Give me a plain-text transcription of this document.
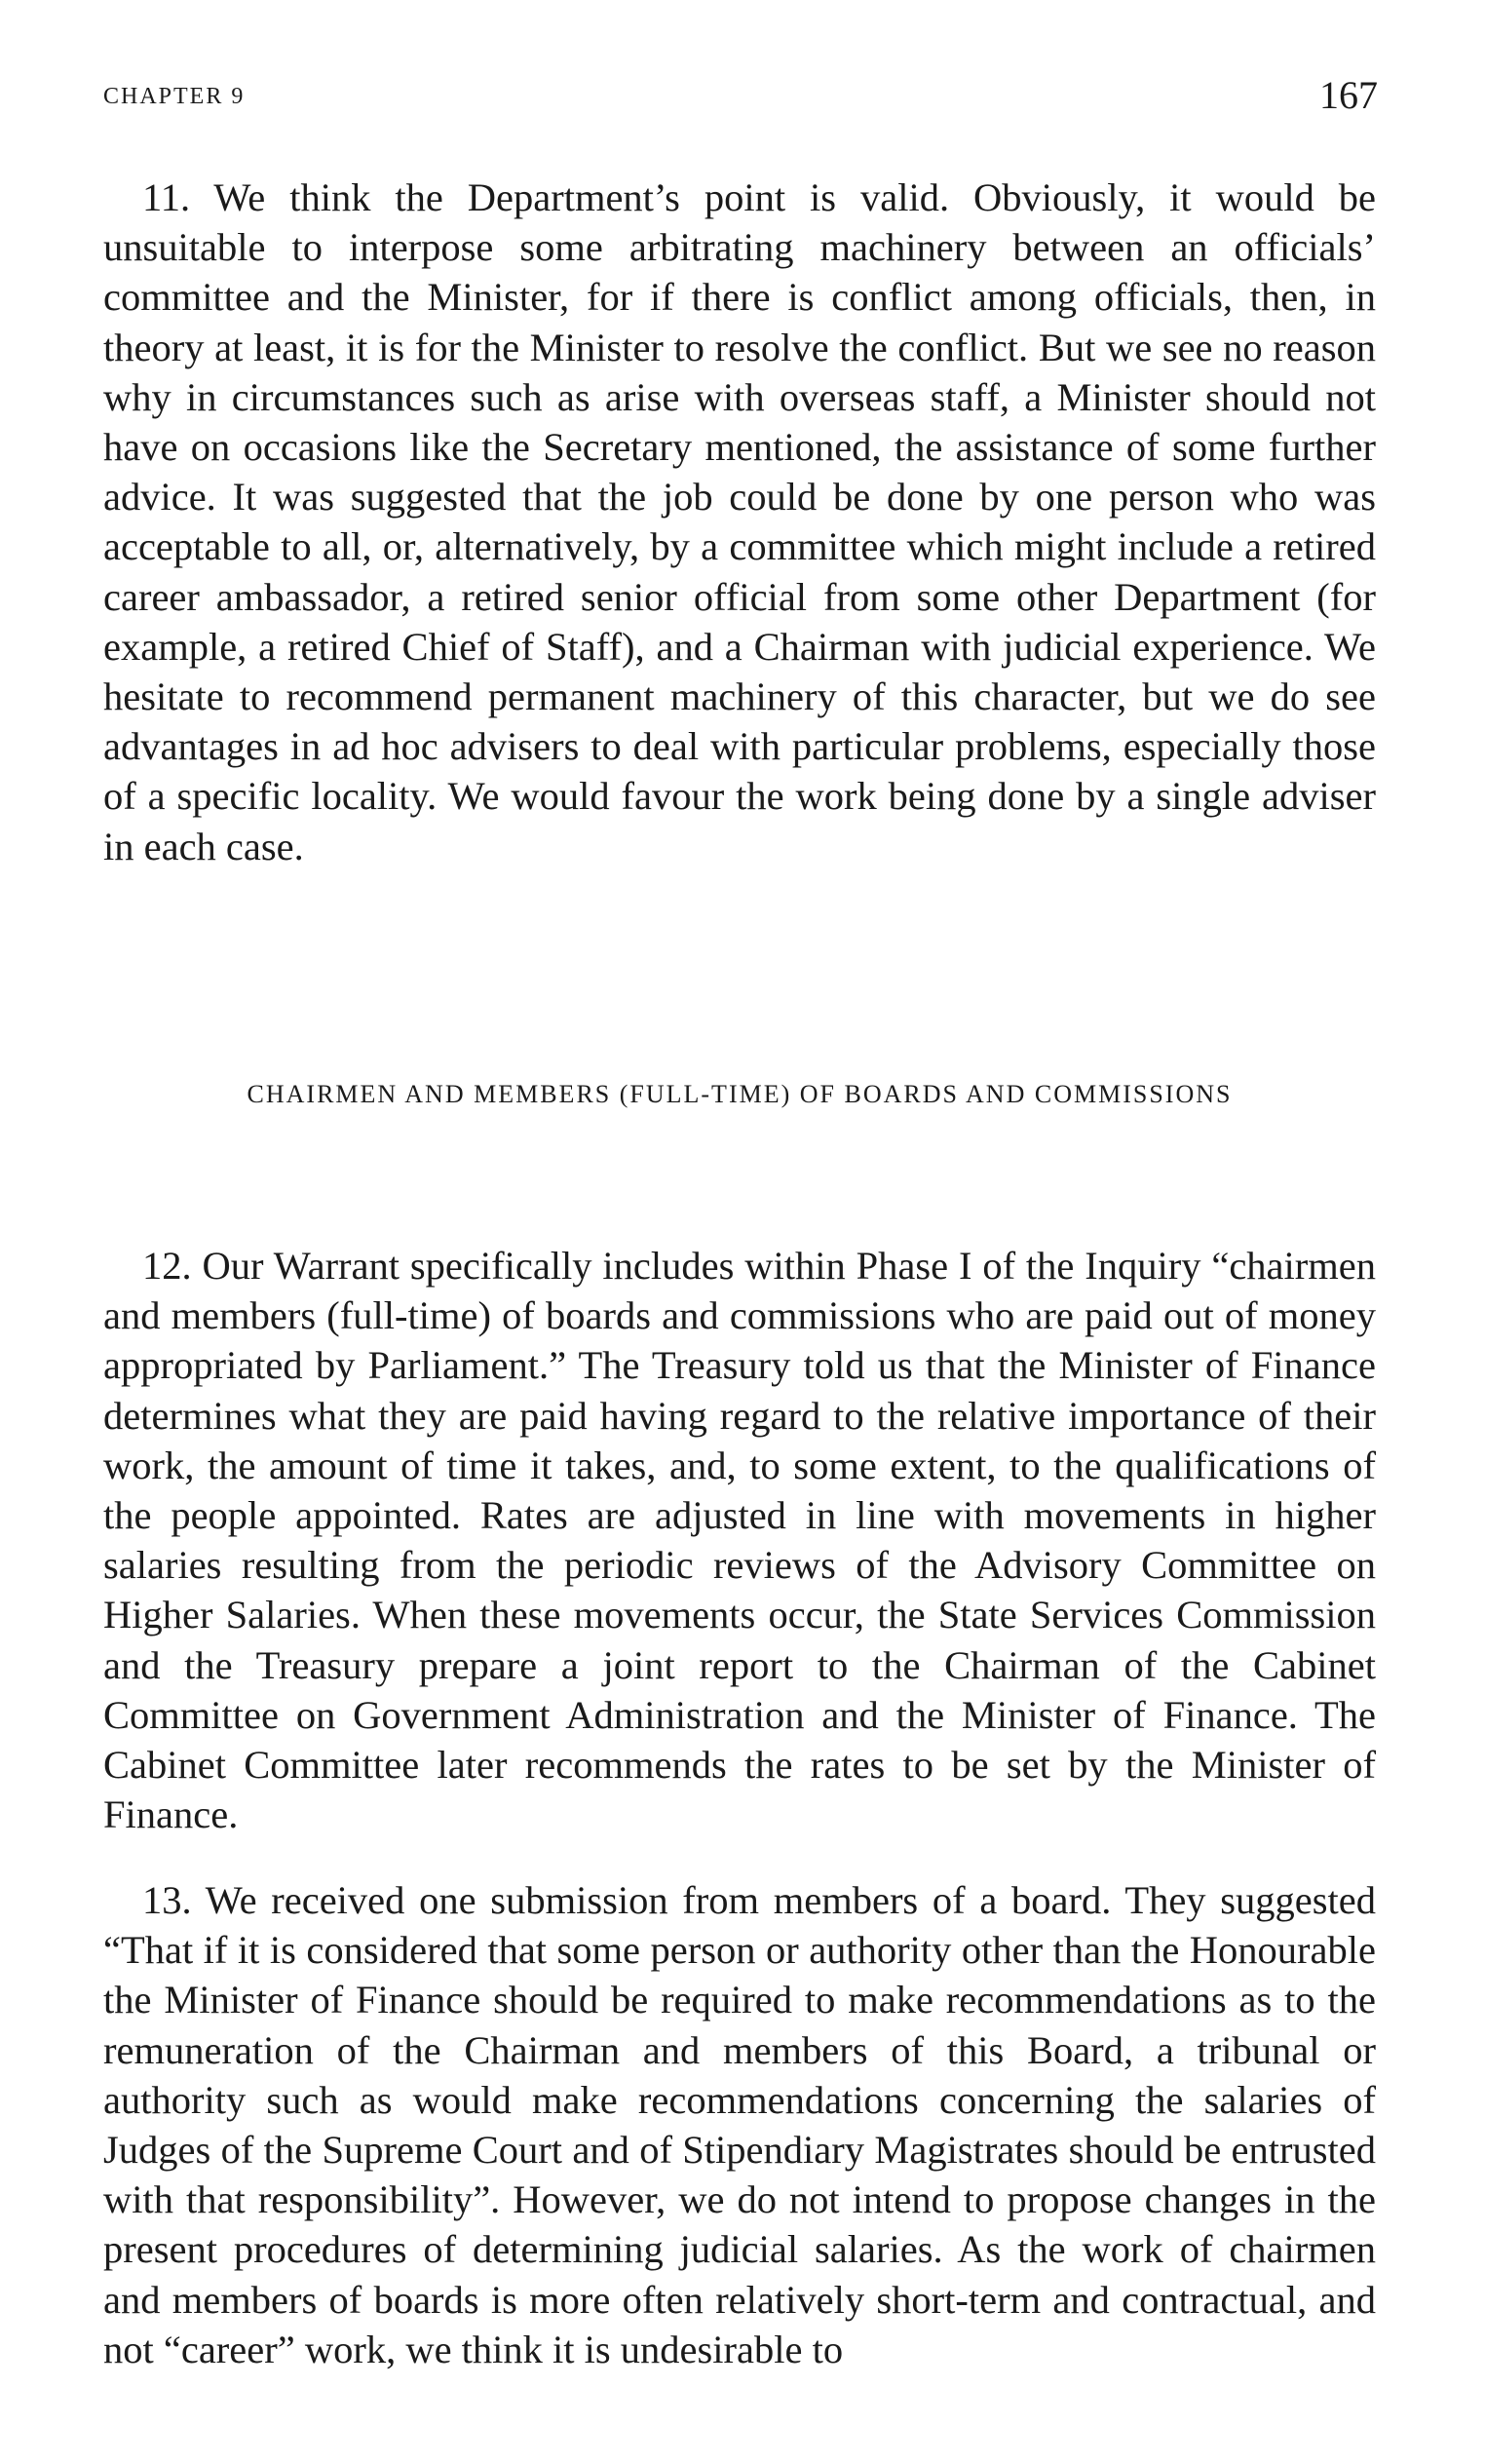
CHAPTER 9	167

11. We think the Department’s point is valid. Obviously, it would be unsuitable to interpose some arbitrating machinery between an officials’ committee and the Minister, for if there is conflict among officials, then, in theory at least, it is for the Minister to resolve the conflict. But we see no reason why in circumstances such as arise with overseas staff, a Minister should not have on occasions like the Secretary mentioned, the assistance of some further advice. It was suggested that the job could be done by one person who was acceptable to all, or, alternatively, by a committee which might include a retired career ambassador, a retired senior official from some other Department (for example, a retired Chief of Staff), and a Chairman with judicial experience. We hesitate to recommend permanent machinery of this character, but we do see advantages in ad hoc advisers to deal with particular problems, especially those of a specific locality. We would favour the work being done by a single adviser in each case.

CHAIRMEN AND MEMBERS (FULL-TIME) OF BOARDS AND COMMISSIONS

12. Our Warrant specifically includes within Phase I of the Inquiry “chairmen and members (full-time) of boards and commissions who are paid out of money appropriated by Parliament.” The Treasury told us that the Minister of Finance determines what they are paid having regard to the relative importance of their work, the amount of time it takes, and, to some extent, to the qualifications of the people appointed. Rates are adjusted in line with movements in higher salaries resulting from the periodic reviews of the Advisory Committee on Higher Salaries. When these movements occur, the State Services Commission and the Treasury prepare a joint report to the Chairman of the Cabinet Committee on Government Administration and the Minister of Finance. The Cabinet Committee later recommends the rates to be set by the Minister of Finance.

13. We received one submission from members of a board. They suggested “That if it is considered that some person or authority other than the Honourable the Minister of Finance should be required to make recommendations as to the remuneration of the Chairman and members of this Board, a tribunal or authority such as would make recommendations concerning the salaries of Judges of the Supreme Court and of Stipendiary Magistrates should be entrusted with that responsibility”. However, we do not intend to propose changes in the present procedures of determining judicial salaries. As the work of chairmen and members of boards is more often relatively short-term and contractual, and not “career” work, we think it is undesirable to
